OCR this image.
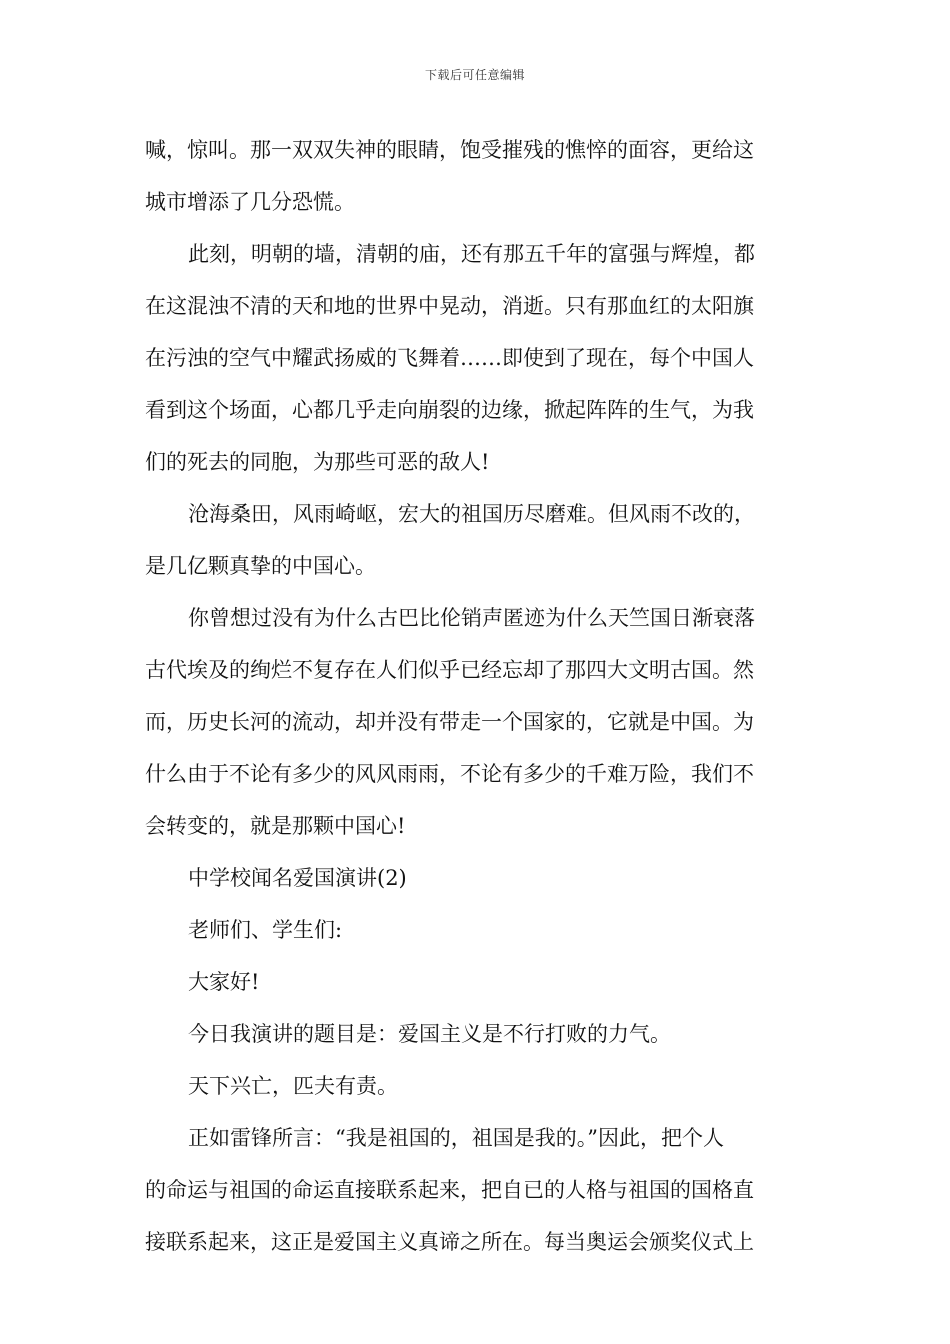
下载后可任意编辑
喊，惊叫。那一双双失神的眼睛，饱受摧残的憔悴的面容，更给这
城市增添了几分恐慌。
此刻，明朝的墙，清朝的庙，还有那五千年的富强与辉煌，都
在这混浊不清的天和地的世界中晃动，消逝。只有那血红的太阳旗
在污浊的空气中耀武扬威的飞舞着……即使到了现在，每个中国人
看到这个场面，心都几乎走向崩裂的边缘，掀起阵阵的生气，为我
们的死去的同胞，为那些可恶的敌人!
沧海桑田，风雨崎岖，宏大的祖国历尽磨难。但风雨不改的，
是几亿颗真挚的中国心。
你曾想过没有为什么古巴比伦销声匿迹为什么天竺国日渐衰落
古代埃及的绚烂不复存在人们似乎已经忘却了那四大文明古国。然
而，历史长河的流动，却并没有带走一个国家的，它就是中国。为
什么由于不论有多少的风风雨雨，不论有多少的千难万险，我们不
会转变的，就是那颗中国心!
中学校闻名爱国演讲(2)
老师们、学生们:
大家好!
今日我演讲的题目是：爱国主义是不行打败的力气。
天下兴亡，匹夫有责。
正如雷锋所言：“我是祖国的，祖国是我的。”因此，把个人
的命运与祖国的命运直接联系起来，把自已的人格与祖国的国格直
接联系起来，这正是爱国主义真谛之所在。每当奥运会颁奖仪式上
